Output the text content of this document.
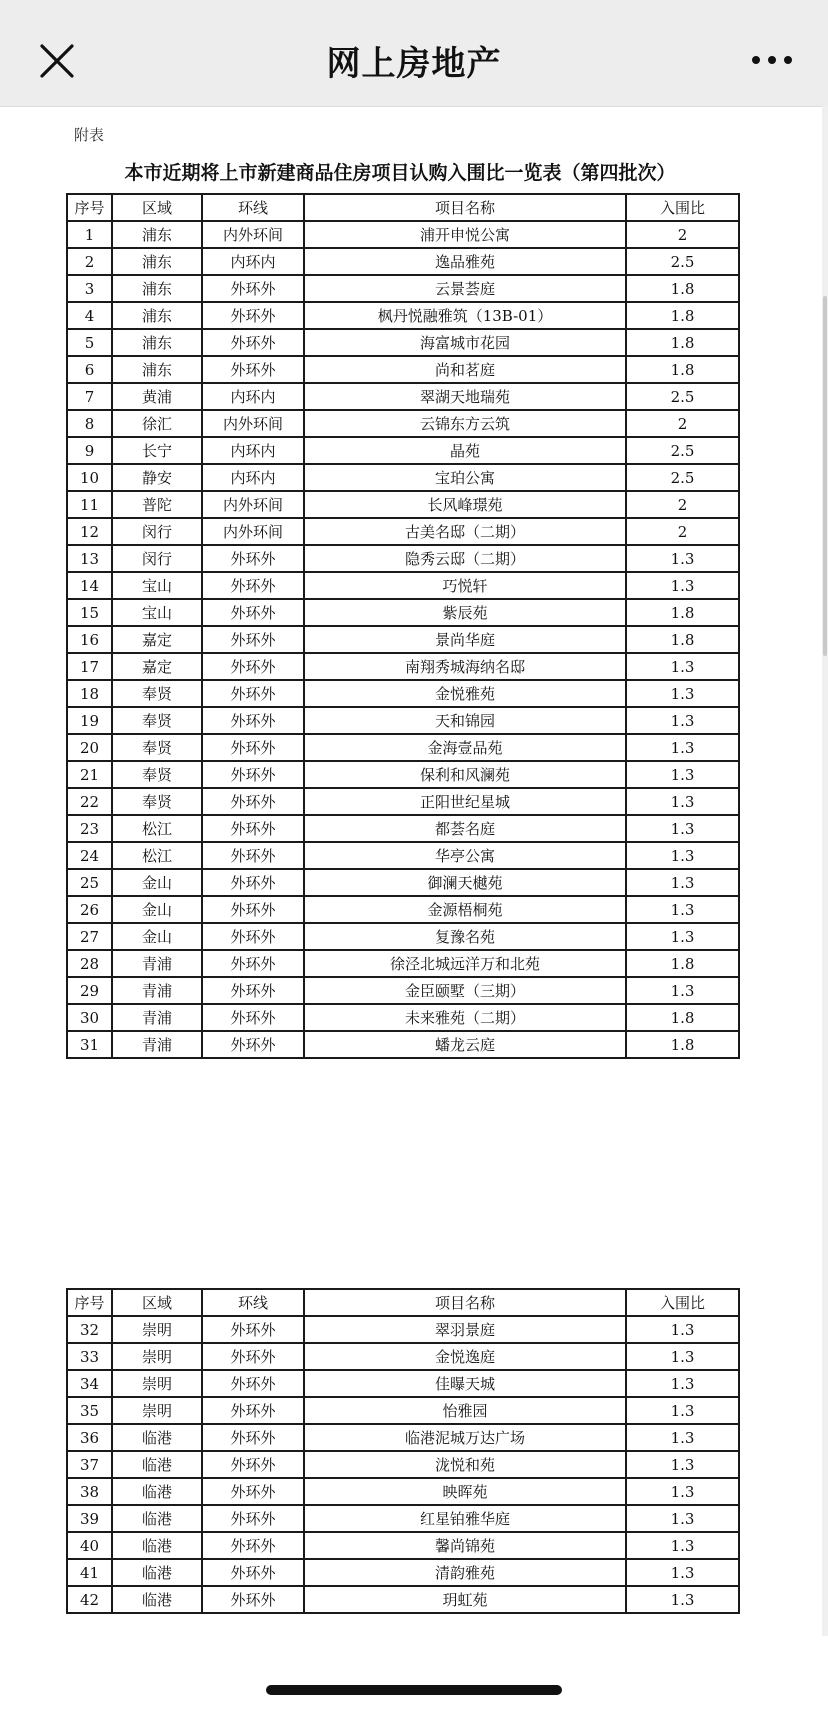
网上房地产
附表
本市近期将上市新建商品住房项目认购入围比一览表（第四批次）
序号	区域	环线	项目名称	入围比
1	浦东	内外环间	浦开申悦公寓	2
2	浦东	内环内	逸品雅苑	2.5
3	浦东	外环外	云景荟庭	1.8
4	浦东	外环外	枫丹悦融雅筑（13B-01）	1.8
5	浦东	外环外	海富城市花园	1.8
6	浦东	外环外	尚和茗庭	1.8
7	黄浦	内环内	翠湖天地瑞苑	2.5
8	徐汇	内外环间	云锦东方云筑	2
9	长宁	内环内	晶苑	2.5
10	静安	内环内	宝珀公寓	2.5
11	普陀	内外环间	长风峰璟苑	2
12	闵行	内外环间	古美名邸（二期）	2
13	闵行	外环外	隐秀云邸（二期）	1.3
14	宝山	外环外	巧悦轩	1.3
15	宝山	外环外	紫辰苑	1.8
16	嘉定	外环外	景尚华庭	1.8
17	嘉定	外环外	南翔秀城海纳名邸	1.3
18	奉贤	外环外	金悦雅苑	1.3
19	奉贤	外环外	天和锦园	1.3
20	奉贤	外环外	金海壹品苑	1.3
21	奉贤	外环外	保利和风澜苑	1.3
22	奉贤	外环外	正阳世纪星城	1.3
23	松江	外环外	都荟名庭	1.3
24	松江	外环外	华亭公寓	1.3
25	金山	外环外	御澜天樾苑	1.3
26	金山	外环外	金源梧桐苑	1.3
27	金山	外环外	复豫名苑	1.3
28	青浦	外环外	徐泾北城远洋万和北苑	1.8
29	青浦	外环外	金臣颐墅（三期）	1.3
30	青浦	外环外	未来雅苑（二期）	1.8
31	青浦	外环外	蟠龙云庭	1.8
序号	区域	环线	项目名称	入围比
32	崇明	外环外	翠羽景庭	1.3
33	崇明	外环外	金悦逸庭	1.3
34	崇明	外环外	佳曝天城	1.3
35	崇明	外环外	怡雅园	1.3
36	临港	外环外	临港泥城万达广场	1.3
37	临港	外环外	泷悦和苑	1.3
38	临港	外环外	映晖苑	1.3
39	临港	外环外	红星铂雅华庭	1.3
40	临港	外环外	馨尚锦苑	1.3
41	临港	外环外	清韵雅苑	1.3
42	临港	外环外	玥虹苑	1.3
